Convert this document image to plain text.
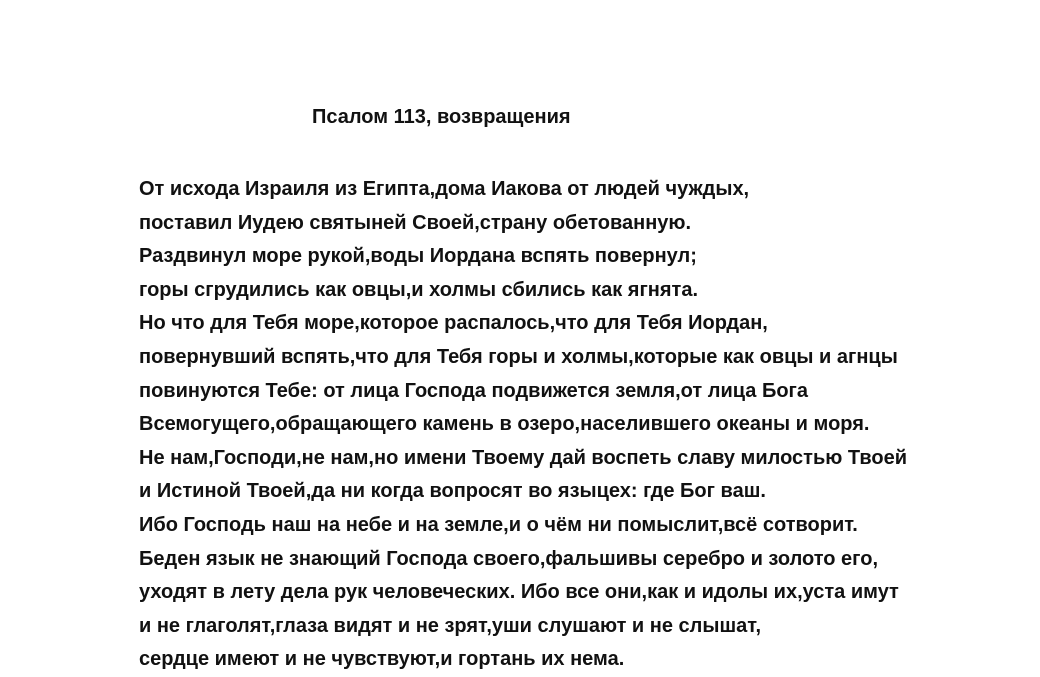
Псалом 113, возвращения
От исхода Израиля из Египта,дома Иакова от людей чуждых,
поставил Иудею святыней Своей,страну обетованную.
Раздвинул море рукой,воды Иордана вспять повернул;
горы сгрудились как овцы,и холмы сбились как ягнята.
Но что для Тебя море,которое распалось,что для Тебя Иордан,
повернувший вспять,что для Тебя горы и холмы,которые как овцы и агнцы
повинуются Тебе: от лица Господа подвижется земля,от лица Бога
Всемогущего,обращающего камень в озеро,населившего океаны и моря.
Не нам,Господи,не нам,но имени Твоему дай воспеть славу милостью Твоей
и Истиной Твоей,да ни когда вопросят во языцех: где Бог ваш.
Ибо Господь наш на небе и на земле,и о чём ни помыслит,всё сотворит.
Беден язык не знающий Господа своего,фальшивы серебро и золото его,
уходят в лету дела рук человеческих. Ибо все они,как и идолы их,уста имут
и не глаголят,глаза видят и не зрят,уши слушают и не слышат,
сердце имеют и не чувствуют,и гортань их нема.
